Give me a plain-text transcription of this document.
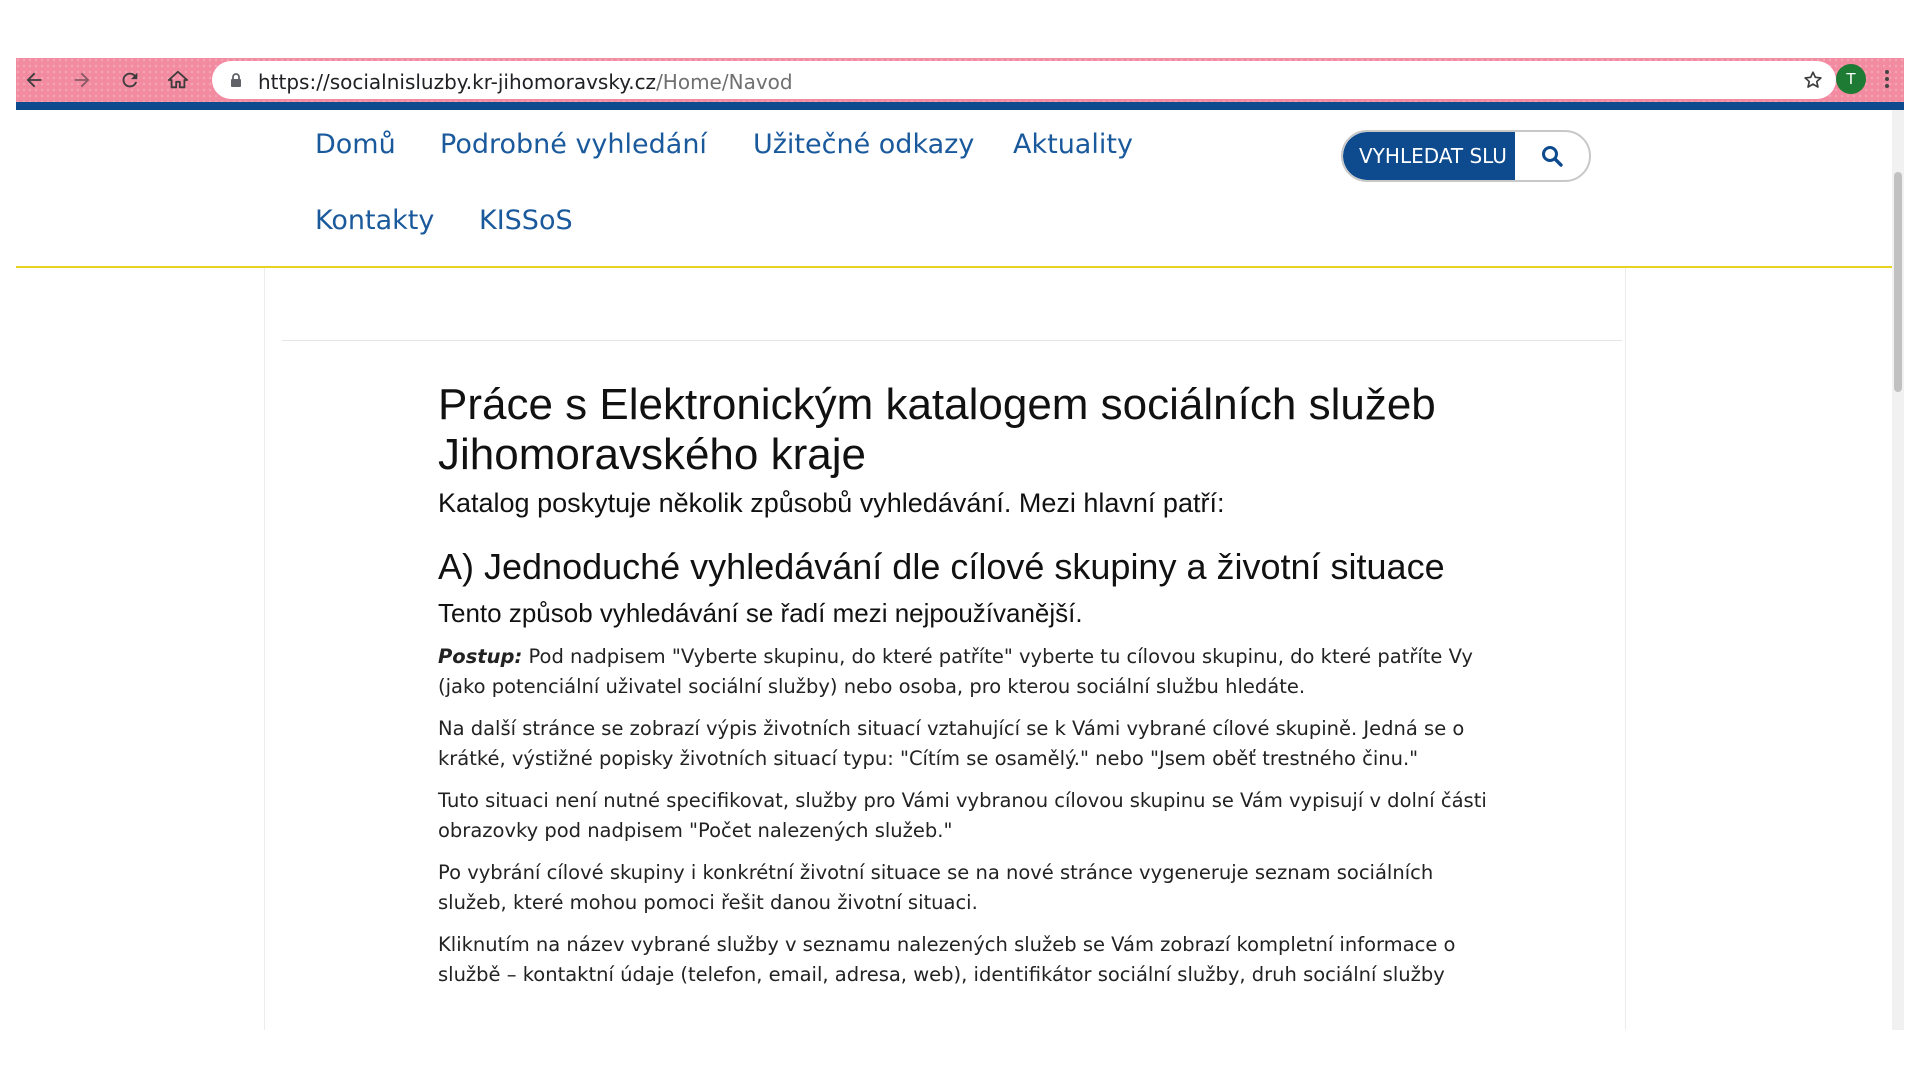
https://socialnisluzby.kr-jihomoravsky.cz/Home/Navod	T
Domů Podrobné vyhledání Užitečné odkazy Aktuality
Kontakty KISSoS
VYHLEDAT SLU
Práce s Elektronickým katalogem sociálních služeb Jihomoravského kraje

Katalog poskytuje několik způsobů vyhledávání. Mezi hlavní patří:

A) Jednoduché vyhledávání dle cílové skupiny a životní situace

Tento způsob vyhledávání se řadí mezi nejpoužívanější.

Postup: Pod nadpisem "Vyberte skupinu, do které patříte" vyberte tu cílovou skupinu, do které patříte Vy (jako potenciální uživatel sociální služby) nebo osoba, pro kterou sociální službu hledáte.

Na další stránce se zobrazí výpis životních situací vztahující se k Vámi vybrané cílové skupině. Jedná se o krátké, výstižné popisky životních situací typu: "Cítím se osamělý." nebo "Jsem oběť trestného činu."

Tuto situaci není nutné specifikovat, služby pro Vámi vybranou cílovou skupinu se Vám vypisují v dolní části obrazovky pod nadpisem "Počet nalezených služeb."

Po vybrání cílové skupiny i konkrétní životní situace se na nové stránce vygeneruje seznam sociálních služeb, které mohou pomoci řešit danou životní situaci.

Kliknutím na název vybrané služby v seznamu nalezených služeb se Vám zobrazí kompletní informace o službě – kontaktní údaje (telefon, email, adresa, web), identifikátor sociální služby, druh sociální služby
